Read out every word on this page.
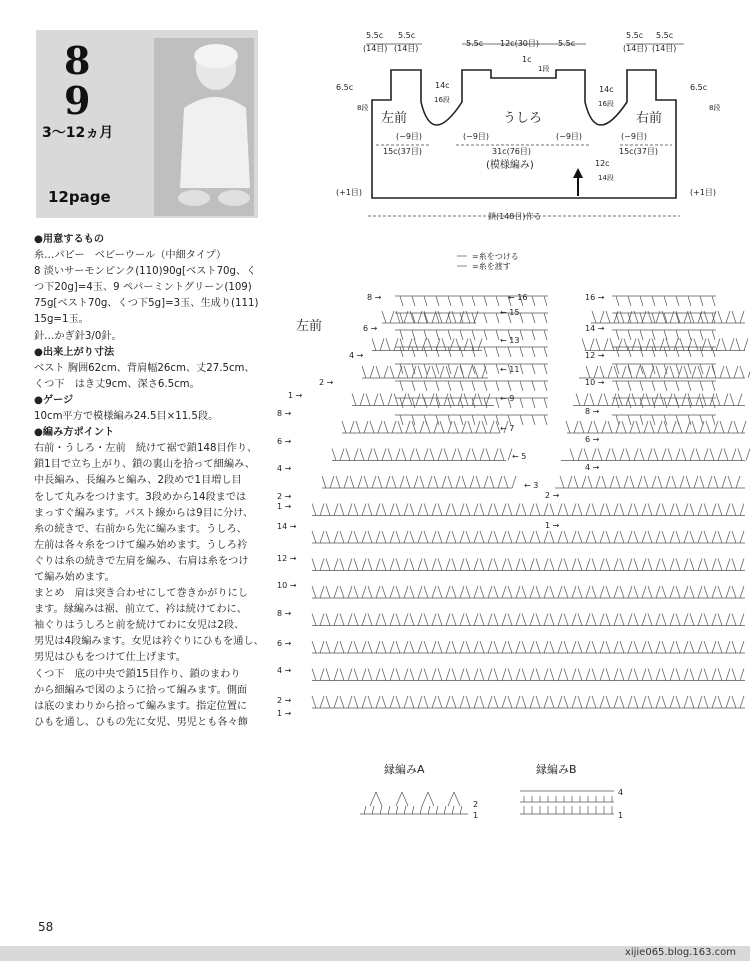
8
9
3〜12ヵ月
12page
●用意するもの
糸…パピー　ベビーウール（中細タイプ）
8 淡いサーモンピンク(110)90g[ベスト70g、く
つ下20g]=4玉、9 ペパーミントグリーン(109)
75g[ベスト70g、くつ下5g]=3玉、生成り(111)
15g=1玉。
針…かぎ針3/0針。
●出来上がり寸法
ベスト 胸囲62cm、背肩幅26cm、丈27.5cm、
くつ下　はき丈9cm、深さ6.5cm。
●ゲージ
10cm平方で模様編み24.5目×11.5段。
●編み方ポイント
右前・うしろ・左前　続けて裾で鎖148目作り、
鎖1目で立ち上がり、鎖の裏山を拾って細編み、
中長編み、長編みと編み、2段めで1目増し目
をして丸みをつけます。3段めから14段までは
まっすぐ編みます。バスト線からは9目に分け、
糸の続きで、右前から先に編みます。うしろ、
左前は各々糸をつけて編み始めます。うしろ衿
ぐりは糸の続きで左肩を編み、右肩は糸をつけ
て編み始めます。
まとめ　肩は突き合わせにして巻きかがりにし
ます。縁編みは裾、前立て、衿は続けてわに、
袖ぐりはうしろと前を続けてわに女児は2段、
男児は4段編みます。女児は衿ぐりにひもを通し、
男児はひもをつけて仕上げます。
くつ下　底の中央で鎖15目作り、鎖のまわり
から細編みで図のように拾って編みます。側面
は底のまわりから拾って編みます。指定位置に
ひもを通し、ひもの先に女児、男児とも各々飾
5.5c 5.5c
(14目) (14目)
5.5c 12c(30目) 5.5c
5.5c 5.5c
(14目) (14目)
1c
1段
6.5c
8段
6.5c
8段
14c
16段
14c
16段
左前	うしろ	右前
(−9目)	(−9目)	(−9目)	(−9目)
15c(37目)	31c(76目)	15c(37目)
(模様編み)	12c
14段
(+1目)	(+1目)
鎖(148目)作る
=糸をつける
=糸を渡す
左前
8 →
6 →
4 →
2 →
1 →
8 →
6 →
4 →
2 →
1 →
14 →
12 →
10 →
8 →
6 →
4 →
2 →
1 →
← 16
← 15
← 13
← 11
← 9
← 7
← 5
← 3
16 →
14 →
12 →
10 →
8 →
6 →
4 →
2 →
1 →
縁編みA	縁編みB
2
1
4
1
58
xijie065.blog.163.com
